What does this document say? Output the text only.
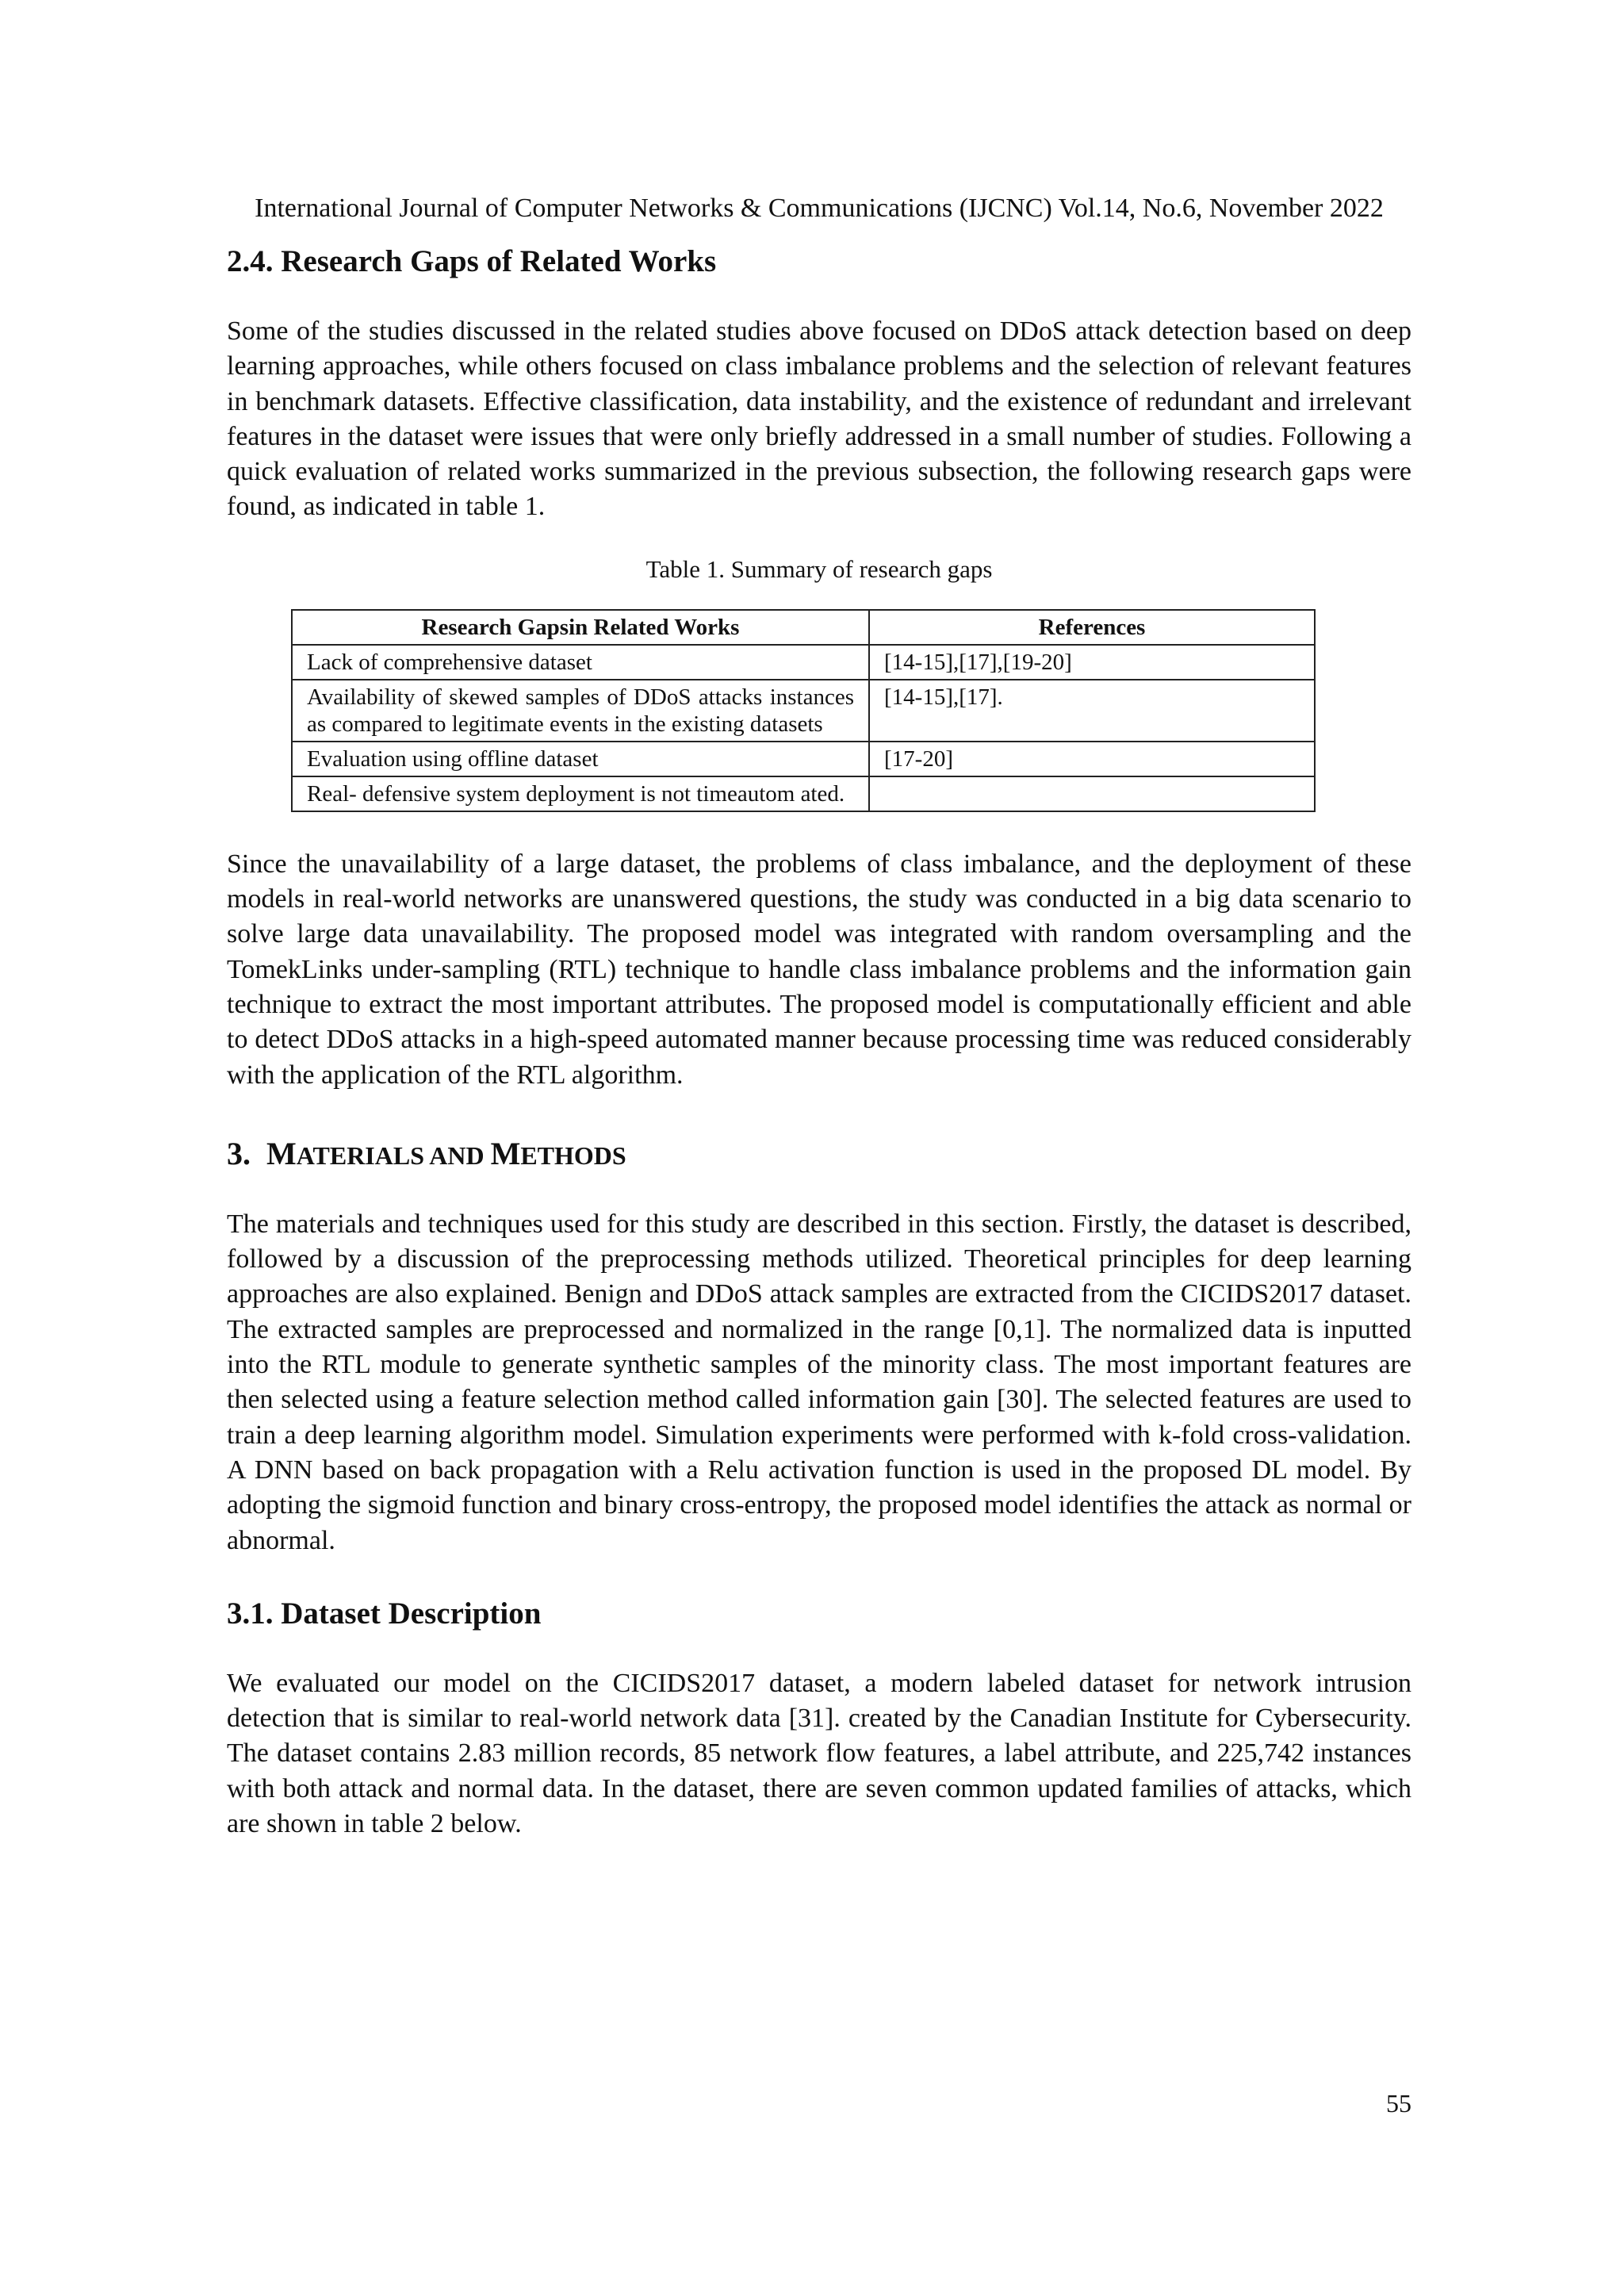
International Journal of Computer Networks & Communications (IJCNC) Vol.14, No.6, November 2022
2.4. Research Gaps of Related Works

Some of the studies discussed in the related studies above focused on DDoS attack detection based on deep learning approaches, while others focused on class imbalance problems and the selection of relevant features in benchmark datasets. Effective classification, data instability, and the existence of redundant and irrelevant features in the dataset were issues that were only briefly addressed in a small number of studies. Following a quick evaluation of related works summarized in the previous subsection, the following research gaps were found, as indicated in table 1.

Table 1. Summary of research gaps
Research Gapsin Related Works	References
Lack of comprehensive dataset	[14-15],[17],[19-20]
Availability of skewed samples of DDoS attacks instances as compared to legitimate events in the existing datasets	[14-15],[17].
Evaluation using offline dataset	[17-20]
Real- defensive system deployment is not timeautom ated.	

Since the unavailability of a large dataset, the problems of class imbalance, and the deployment of these models in real-world networks are unanswered questions, the study was conducted in a big data scenario to solve large data unavailability. The proposed model was integrated with random oversampling and the TomekLinks under-sampling (RTL) technique to handle class imbalance problems and the information gain technique to extract the most important attributes. The proposed model is computationally efficient and able to detect DDoS attacks in a high-speed automated manner because processing time was reduced considerably with the application of the RTL algorithm.

3. MATERIALS AND METHODS

The materials and techniques used for this study are described in this section. Firstly, the dataset is described, followed by a discussion of the preprocessing methods utilized. Theoretical principles for deep learning approaches are also explained. Benign and DDoS attack samples are extracted from the CICIDS2017 dataset. The extracted samples are preprocessed and normalized in the range [0,1]. The normalized data is inputted into the RTL module to generate synthetic samples of the minority class. The most important features are then selected using a feature selection method called information gain [30]. The selected features are used to train a deep learning algorithm model. Simulation experiments were performed with k-fold cross-validation. A DNN based on back propagation with a Relu activation function is used in the proposed DL model. By adopting the sigmoid function and binary cross-entropy, the proposed model identifies the attack as normal or abnormal.

3.1. Dataset Description

We evaluated our model on the CICIDS2017 dataset, a modern labeled dataset for network intrusion detection that is similar to real-world network data [31]. created by the Canadian Institute for Cybersecurity. The dataset contains 2.83 million records, 85 network flow features, a label attribute, and 225,742 instances with both attack and normal data. In the dataset, there are seven common updated families of attacks, which are shown in table 2 below.

55
